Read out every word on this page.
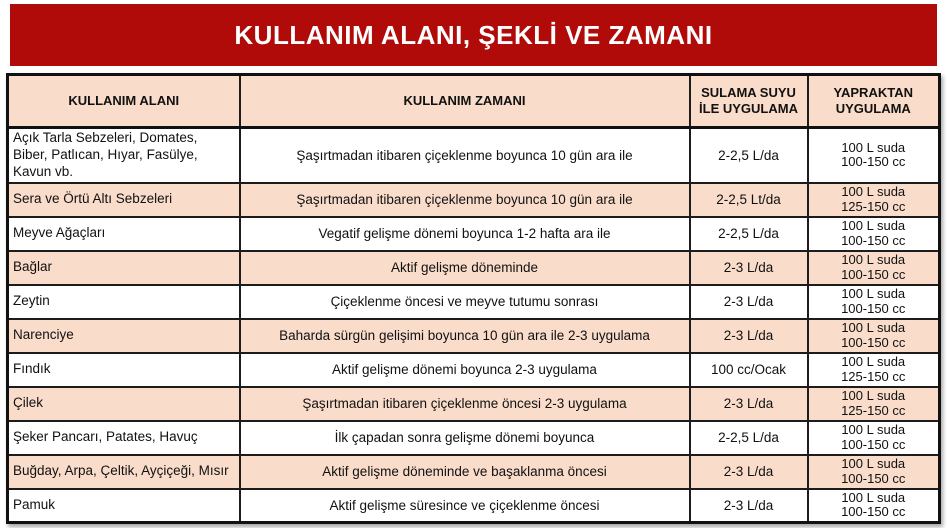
KULLANIM ALANI, ŞEKLİ VE ZAMANI
KULLANIM ALANI	KULLANIM ZAMANI	SULAMA SUYU İLE UYGULAMA	YAPRAKTAN UYGULAMA
Açık Tarla Sebzeleri, Domates, Biber, Patlıcan, Hıyar, Fasülye, Kavun vb.	Şaşırtmadan itibaren çiçeklenme boyunca 10 gün ara ile	2-2,5 L/da	100 L suda
100-150 cc

Sera ve Örtü Altı Sebzeleri	Şaşırtmadan itibaren çiçeklenme boyunca 10 gün ara ile	2-2,5 Lt/da	100 L suda
125-150 cc

Meyve Ağaçları	Vegatif gelişme dönemi boyunca 1-2 hafta ara ile	2-2,5 L/da	100 L suda
100-150 cc

Bağlar	Aktif gelişme döneminde	2-3 L/da	100 L suda
100-150 cc

Zeytin	Çiçeklenme öncesi ve meyve tutumu sonrası	2-3 L/da	100 L suda
100-150 cc

Narenciye	Baharda sürgün gelişimi boyunca 10 gün ara ile 2-3 uygulama	2-3 L/da	100 L suda
100-150 cc

Fındık	Aktif gelişme dönemi boyunca 2-3 uygulama	100 cc/Ocak	100 L suda
125-150 cc

Çilek	Şaşırtmadan itibaren çiçeklenme öncesi 2-3 uygulama	2-3 L/da	100 L suda
125-150 cc

Şeker Pancarı, Patates, Havuç	İlk çapadan sonra gelişme dönemi boyunca	2-2,5 L/da	100 L suda
100-150 cc

Buğday, Arpa, Çeltik, Ayçiçeği, Mısır	Aktif gelişme döneminde ve başaklanma öncesi	2-3 L/da	100 L suda
100-150 cc

Pamuk	Aktif gelişme süresince ve çiçeklenme öncesi	2-3 L/da	100 L suda
100-150 cc
